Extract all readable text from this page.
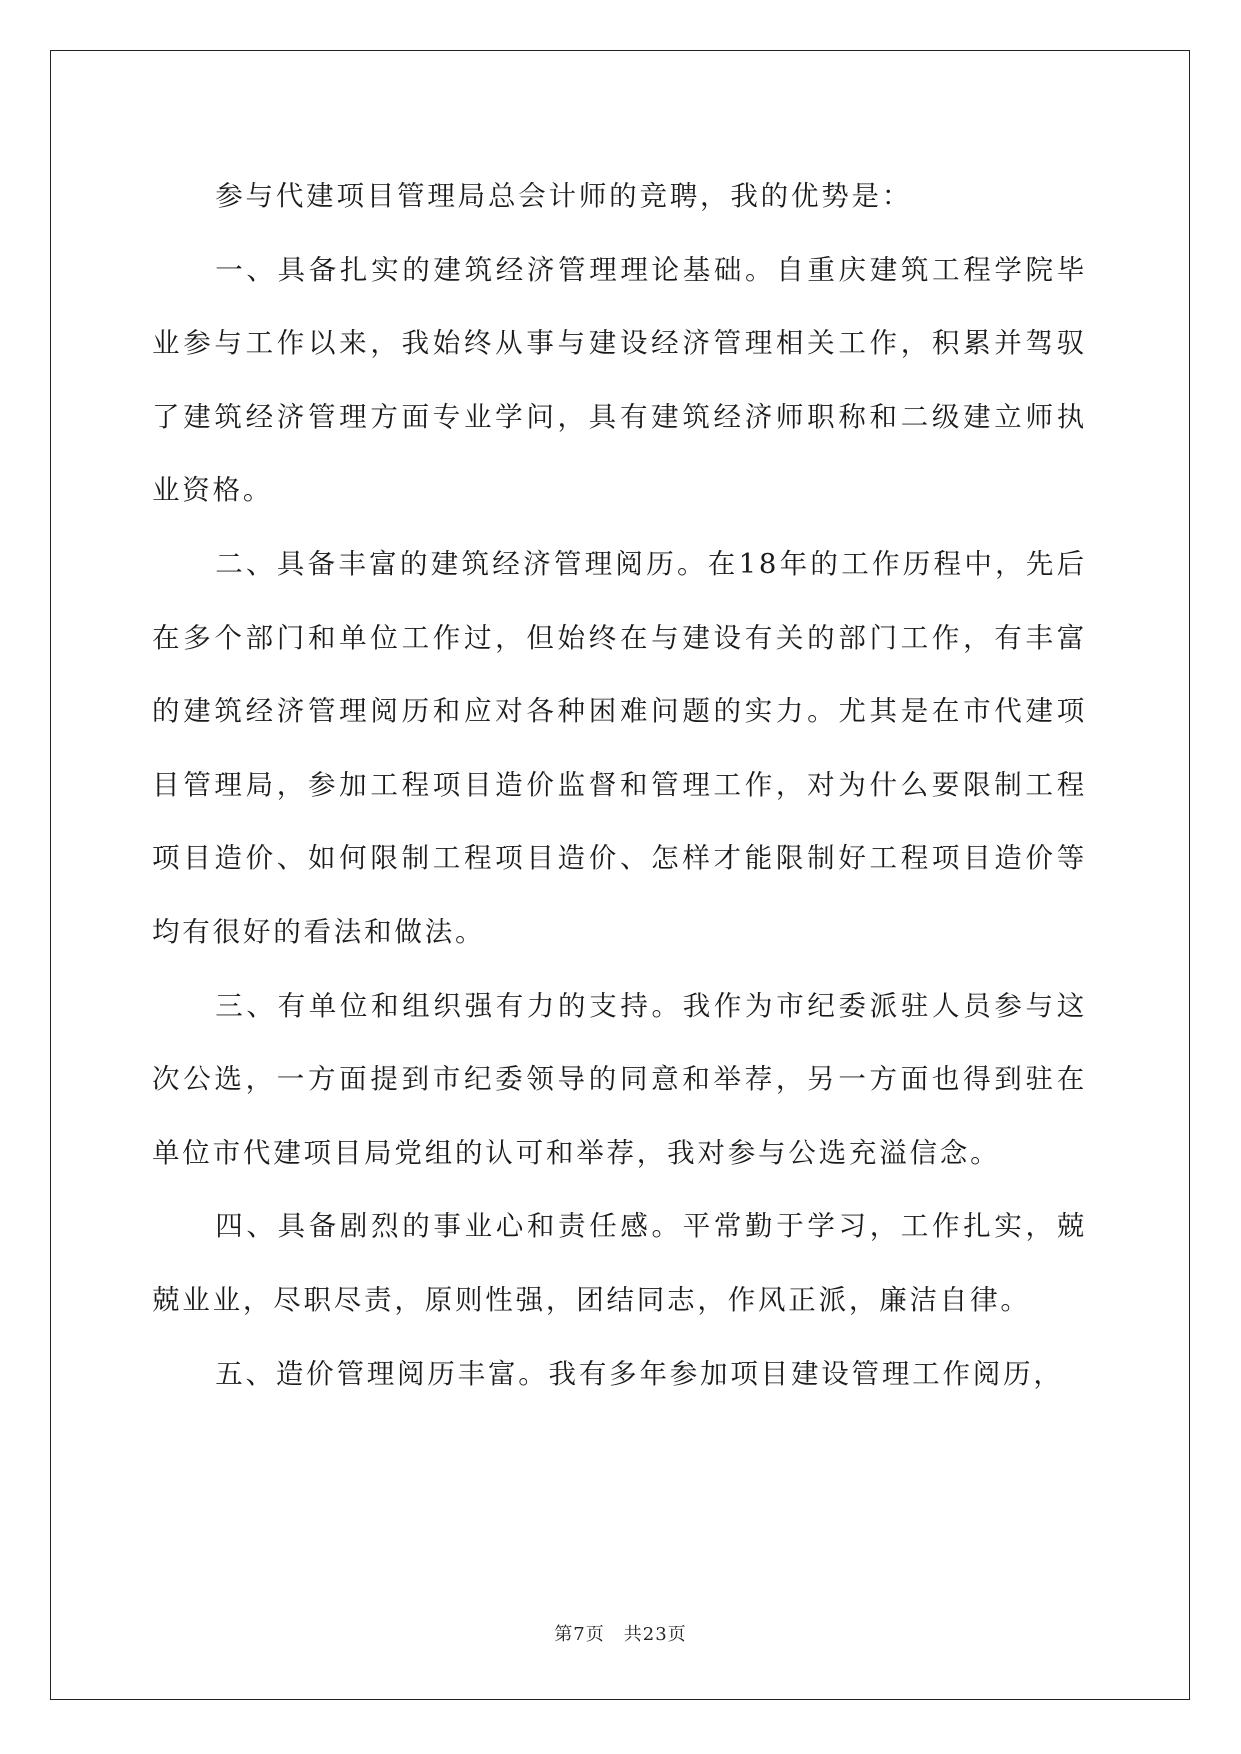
参与代建项目管理局总会计师的竞聘，我的优势是：

一、具备扎实的建筑经济管理理论基础。自重庆建筑工程学院毕业参与工作以来，我始终从事与建设经济管理相关工作，积累并驾驭了建筑经济管理方面专业学问，具有建筑经济师职称和二级建立师执业资格。

二、具备丰富的建筑经济管理阅历。在18年的工作历程中，先后在多个部门和单位工作过，但始终在与建设有关的部门工作，有丰富的建筑经济管理阅历和应对各种困难问题的实力。尤其是在市代建项目管理局，参加工程项目造价监督和管理工作，对为什么要限制工程项目造价、如何限制工程项目造价、怎样才能限制好工程项目造价等均有很好的看法和做法。

三、有单位和组织强有力的支持。我作为市纪委派驻人员参与这次公选，一方面提到市纪委领导的同意和举荐，另一方面也得到驻在单位市代建项目局党组的认可和举荐，我对参与公选充溢信念。

四、具备剧烈的事业心和责任感。平常勤于学习，工作扎实，兢兢业业，尽职尽责，原则性强，团结同志，作风正派，廉洁自律。

五、造价管理阅历丰富。我有多年参加项目建设管理工作阅历，

第7页　共23页
